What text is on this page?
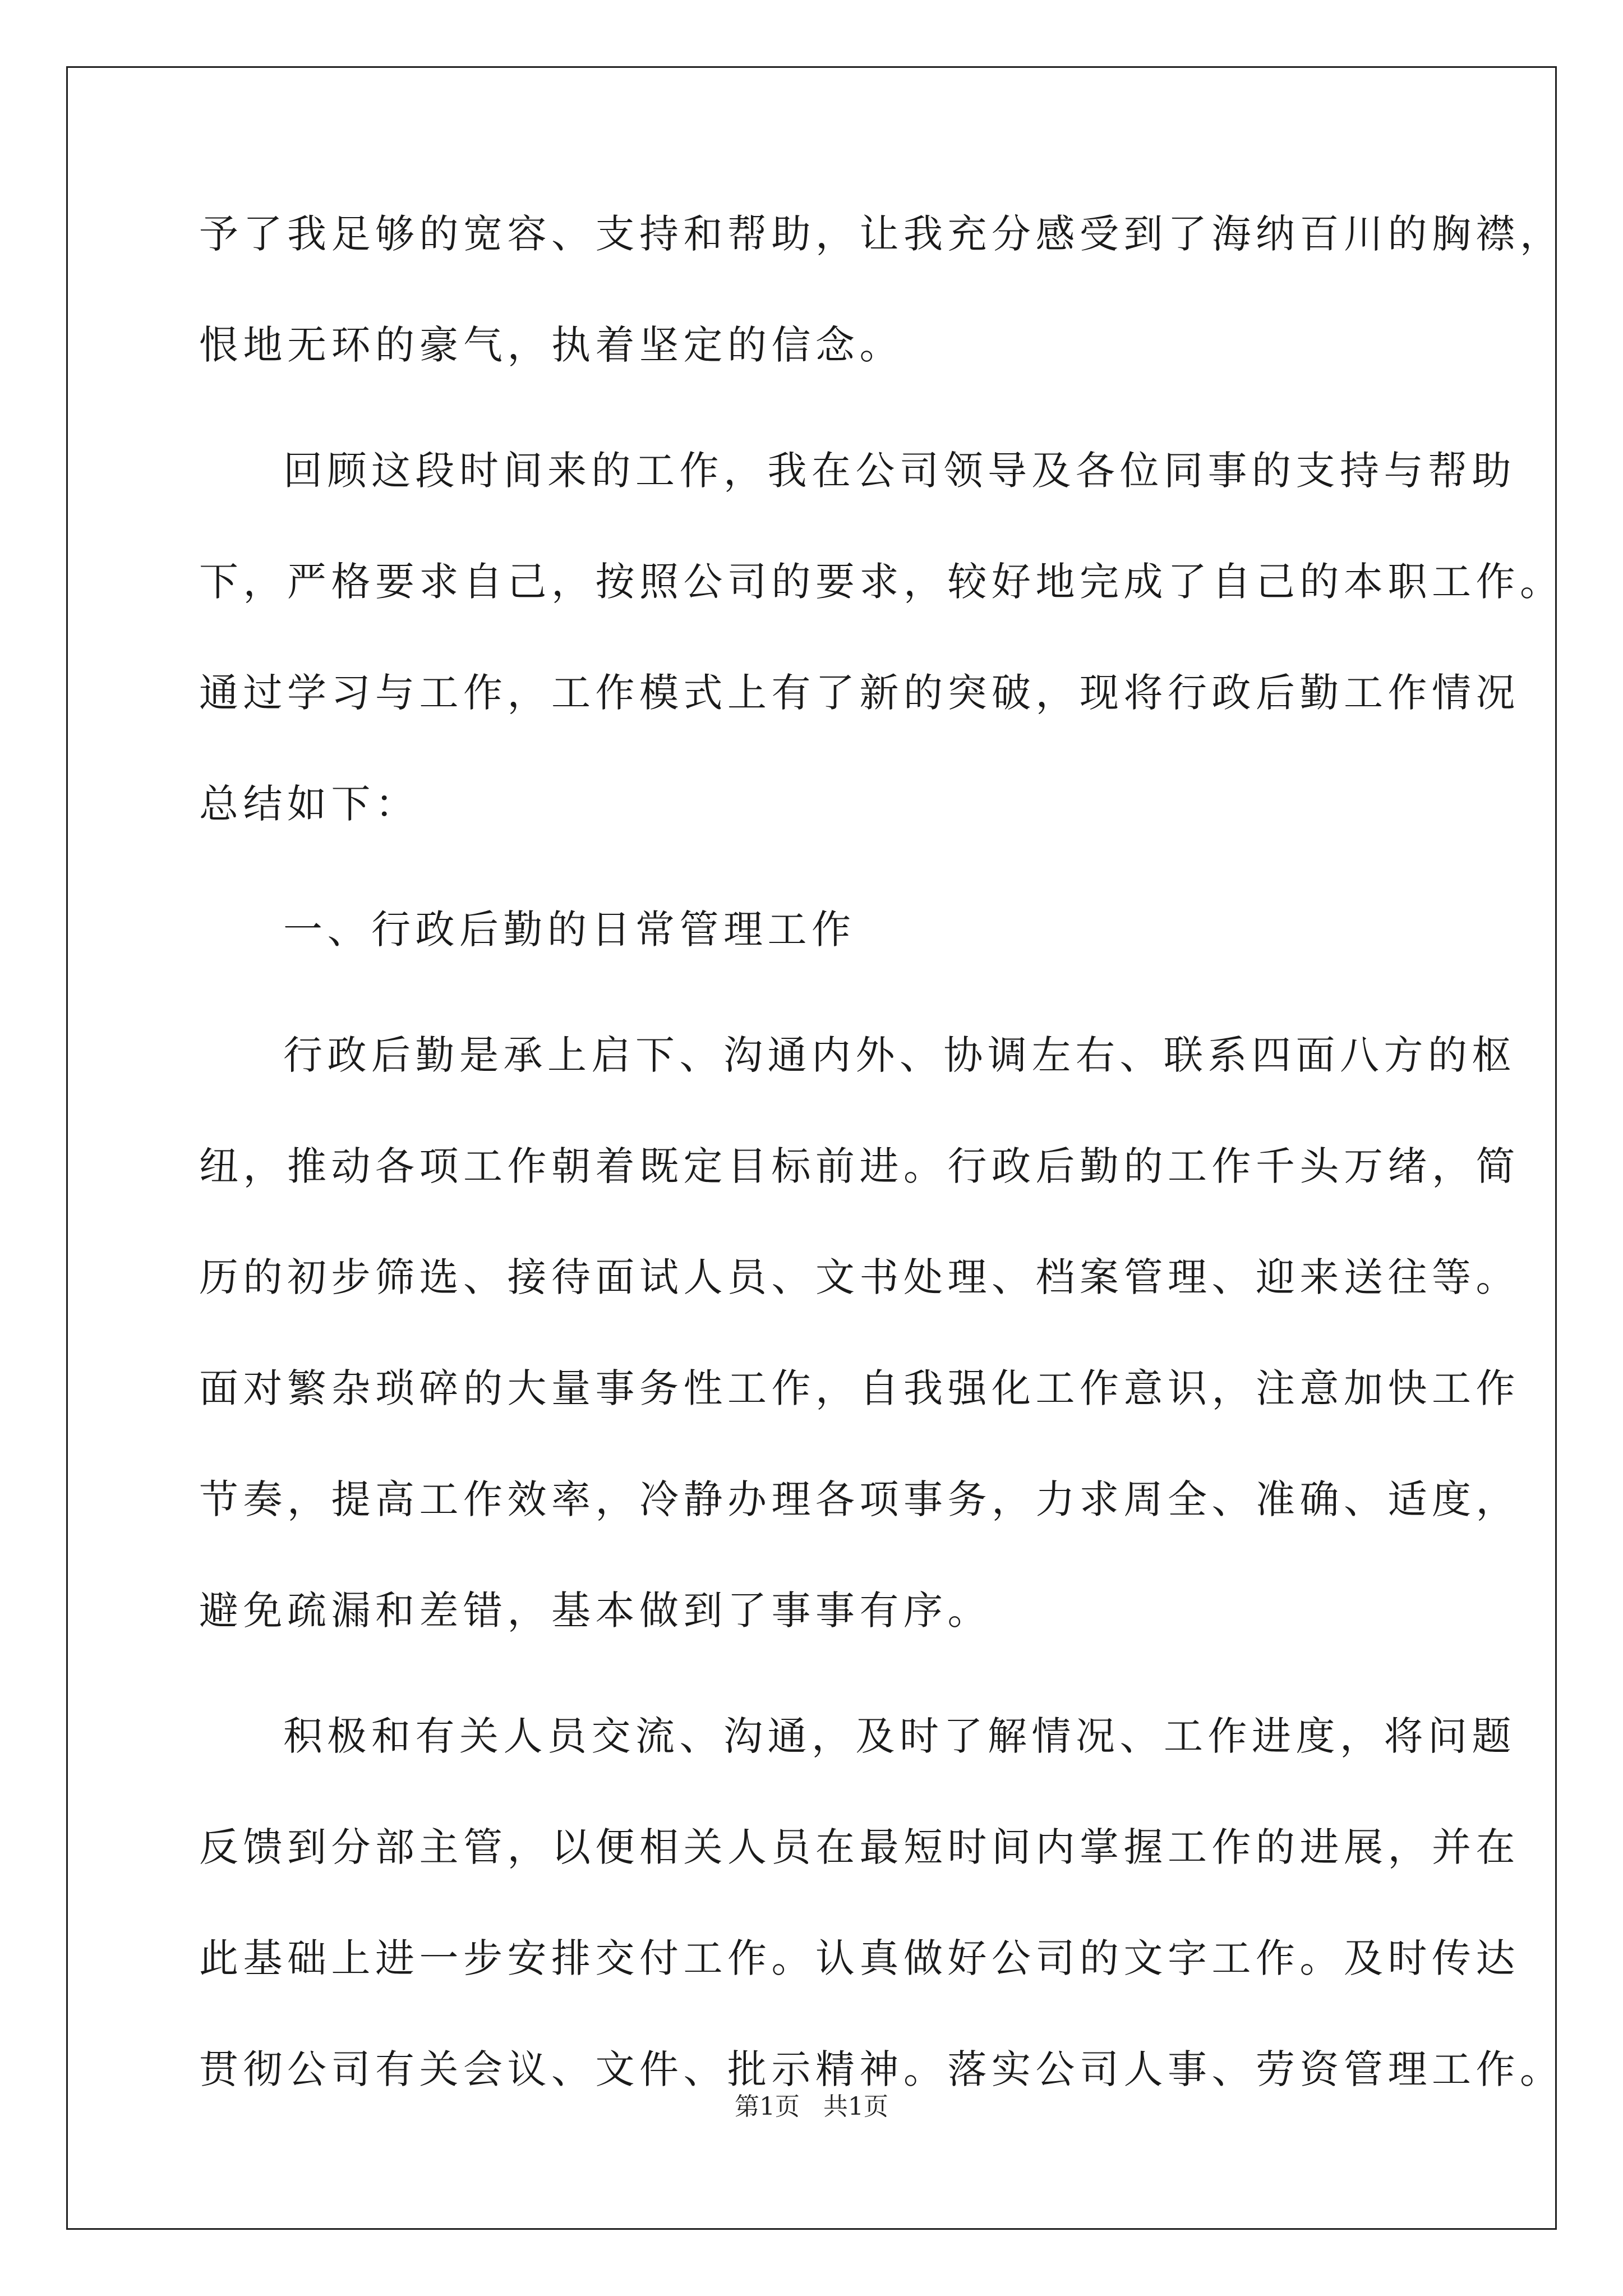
予了我足够的宽容、支持和帮助，让我充分感受到了海纳百川的胸襟，
恨地无环的豪气，执着坚定的信念。
回顾这段时间来的工作，我在公司领导及各位同事的支持与帮助
下，严格要求自己，按照公司的要求，较好地完成了自己的本职工作。
通过学习与工作，工作模式上有了新的突破，现将行政后勤工作情况
总结如下：
一、行政后勤的日常管理工作
行政后勤是承上启下、沟通内外、协调左右、联系四面八方的枢
纽，推动各项工作朝着既定目标前进。行政后勤的工作千头万绪，简
历的初步筛选、接待面试人员、文书处理、档案管理、迎来送往等。
面对繁杂琐碎的大量事务性工作，自我强化工作意识，注意加快工作
节奏，提高工作效率，冷静办理各项事务，力求周全、准确、适度，
避免疏漏和差错，基本做到了事事有序。
积极和有关人员交流、沟通，及时了解情况、工作进度，将问题
反馈到分部主管，以便相关人员在最短时间内掌握工作的进展，并在
此基础上进一步安排交付工作。认真做好公司的文字工作。及时传达
贯彻公司有关会议、文件、批示精神。落实公司人事、劳资管理工作。
第1页 共1页
